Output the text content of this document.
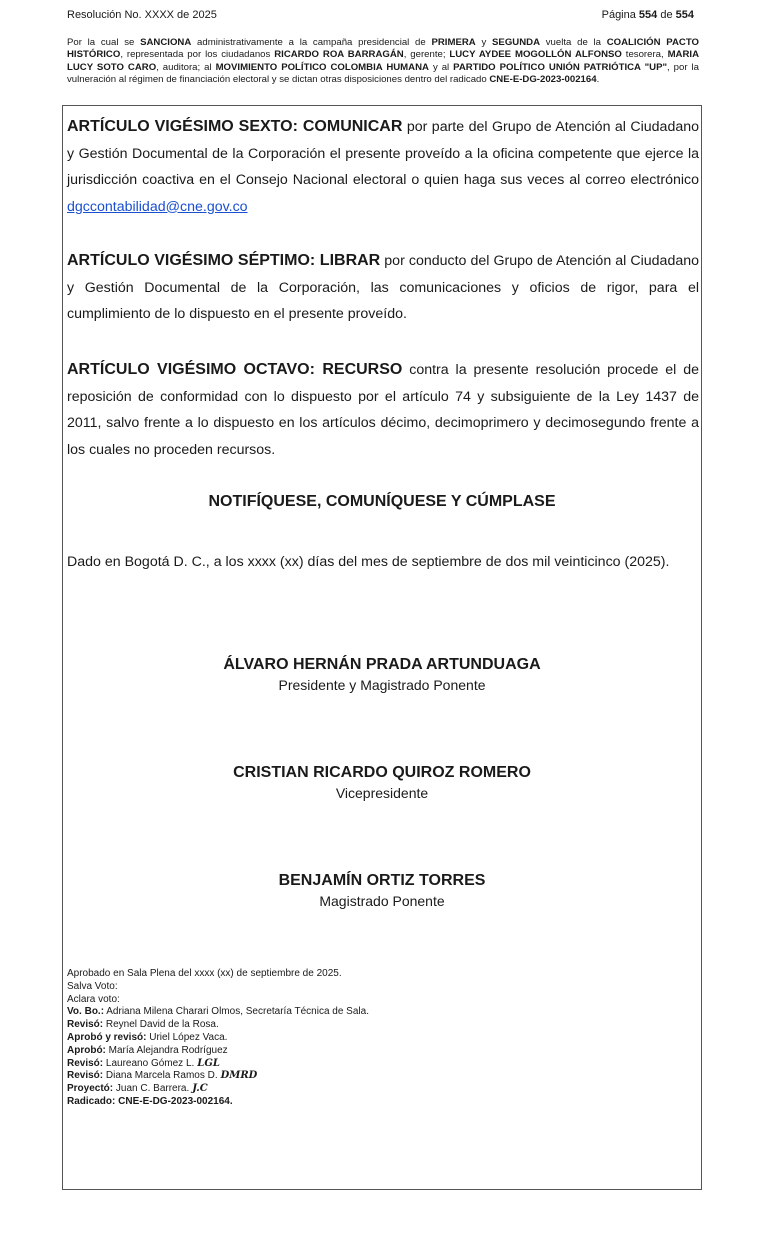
Resolución No. XXXX de 2025	Página 554 de 554
Por la cual se SANCIONA administrativamente a la campaña presidencial de PRIMERA y SEGUNDA vuelta de la COALICIÓN PACTO HISTÓRICO, representada por los ciudadanos RICARDO ROA BARRAGÁN, gerente; LUCY AYDEE MOGOLLÓN ALFONSO tesorera, MARIA LUCY SOTO CARO, auditora; al MOVIMIENTO POLÍTICO COLOMBIA HUMANA y al PARTIDO POLÍTICO UNIÓN PATRIÓTICA "UP", por la vulneración al régimen de financiación electoral y se dictan otras disposiciones dentro del radicado CNE-E-DG-2023-002164.
ARTÍCULO VIGÉSIMO SEXTO: COMUNICAR por parte del Grupo de Atención al Ciudadano y Gestión Documental de la Corporación el presente proveído a la oficina competente que ejerce la jurisdicción coactiva en el Consejo Nacional electoral o quien haga sus veces al correo electrónico dgccontabilidad@cne.gov.co
ARTÍCULO VIGÉSIMO SÉPTIMO: LIBRAR por conducto del Grupo de Atención al Ciudadano y Gestión Documental de la Corporación, las comunicaciones y oficios de rigor, para el cumplimiento de lo dispuesto en el presente proveído.
ARTÍCULO VIGÉSIMO OCTAVO: RECURSO contra la presente resolución procede el de reposición de conformidad con lo dispuesto por el artículo 74 y subsiguiente de la Ley 1437 de 2011, salvo frente a lo dispuesto en los artículos décimo, decimoprimero y decimosegundo frente a los cuales no proceden recursos.
NOTIFÍQUESE, COMUNÍQUESE Y CÚMPLASE
Dado en Bogotá D. C., a los xxxx (xx) días del mes de septiembre de dos mil veinticinco (2025).
ÁLVARO HERNÁN PRADA ARTUNDUAGA
Presidente y Magistrado Ponente
CRISTIAN RICARDO QUIROZ ROMERO
Vicepresidente
BENJAMÍN ORTIZ TORRES
Magistrado Ponente
Aprobado en Sala Plena del xxxx (xx) de septiembre de 2025.
Salva Voto:
Aclara voto:
Vo. Bo.: Adriana Milena Charari Olmos, Secretaría Técnica de Sala.
Revisó: Reynel David de la Rosa.
Aprobó y revisó: Uriel López Vaca.
Aprobó: María Alejandra Rodríguez
Revisó: Laureano Gómez L. LGL
Revisó: Diana Marcela Ramos D. DMRD
Proyectó: Juan C. Barrera. J.C
Radicado: CNE-E-DG-2023-002164.
